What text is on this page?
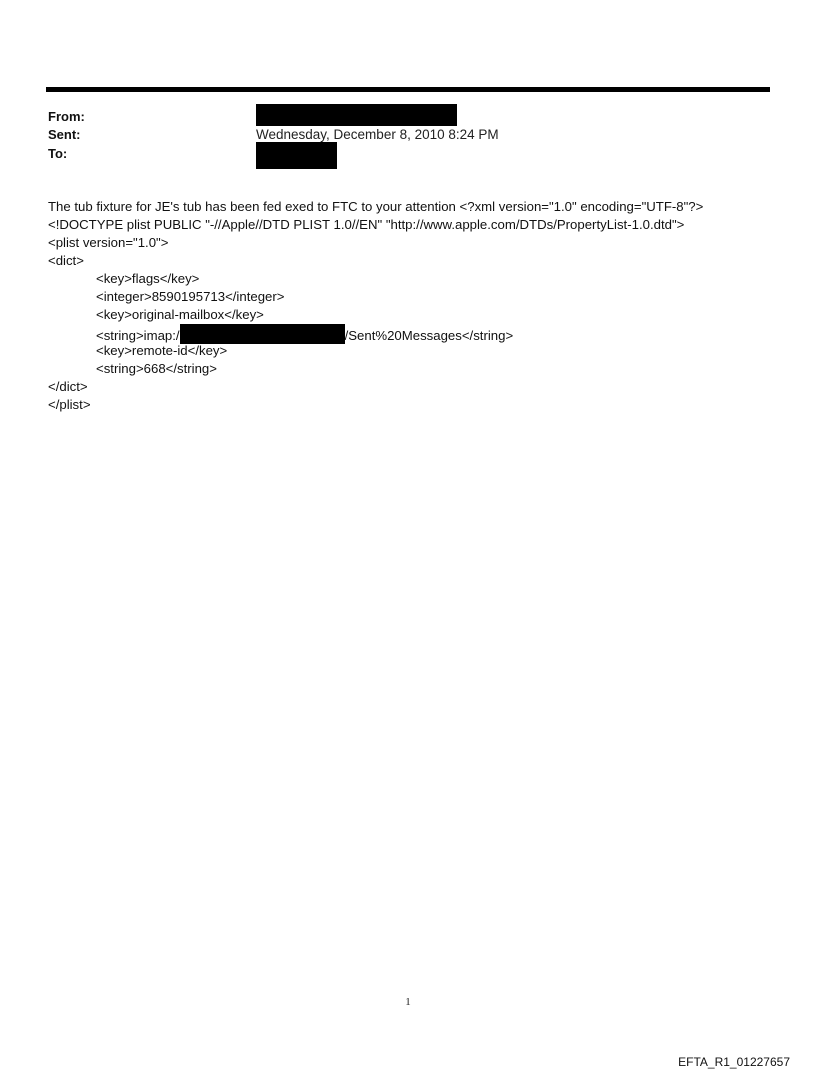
From:
Sent:	Wednesday, December 8, 2010 8:24 PM
To:
The tub fixture for JE's tub has been fed exed to FTC to your attention <?xml version="1.0" encoding="UTF-8"?>
<!DOCTYPE plist PUBLIC "-//Apple//DTD PLIST 1.0//EN" "http://www.apple.com/DTDs/PropertyList-1.0.dtd">
<plist version="1.0">
<dict>
<key>flags</key>
<integer>8590195713</integer>
<key>original-mailbox</key>
<string>imap:/	/Sent%20Messages</string>
<key>remote-id</key>
<string>668</string>
</dict>
</plist>
1
EFTA_R1_01227657
